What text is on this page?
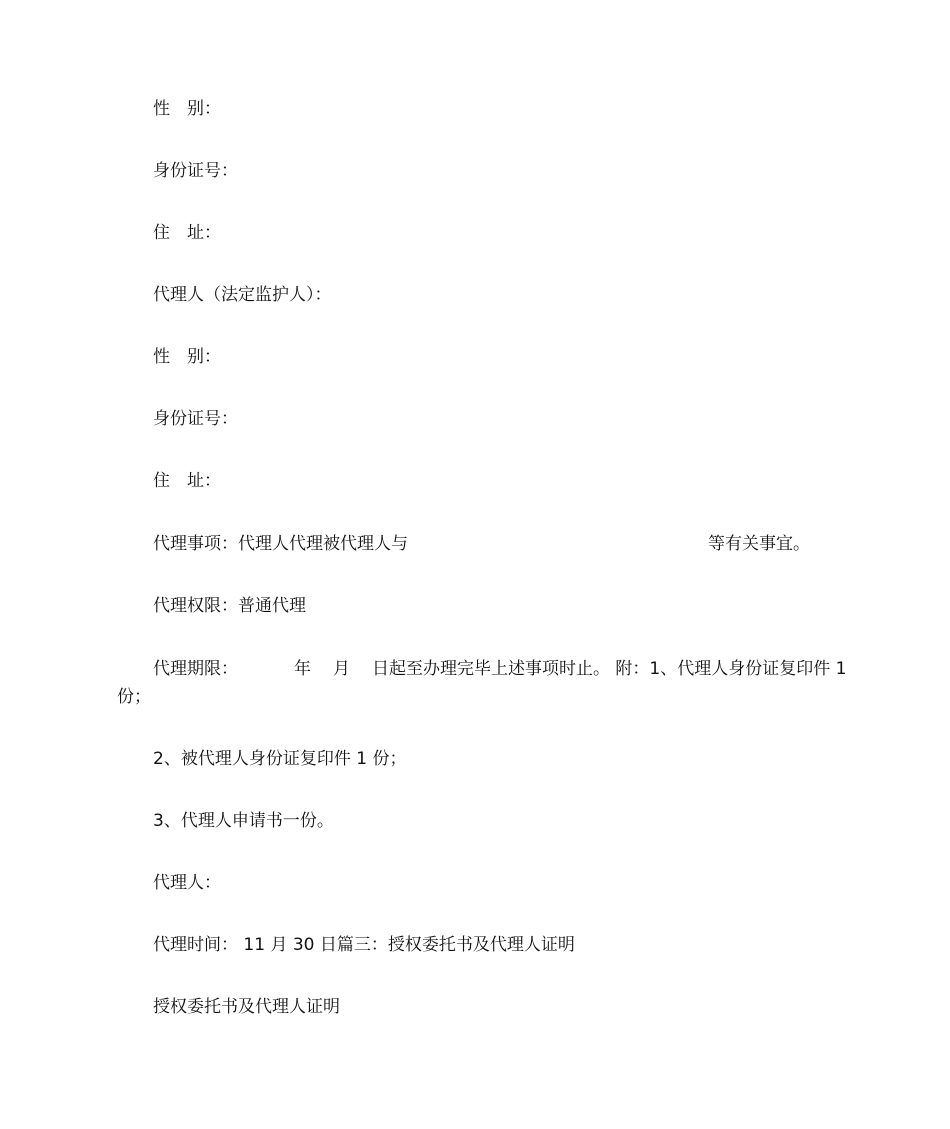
性　别：
身份证号：
住　址：
代理人（法定监护人）：
性　别：
身份证号：
住　址：
代理事项：代理人代理被代理人与	等有关事宜。
代理权限：普通代理
代理期限：	年 月 日起至办理完毕上述事项时止。 附：1、代理人身份证复印件 1 份；
2、被代理人身份证复印件 1 份；
3、代理人申请书一份。
代理人：
代理时间： 11 月 30 日篇三：授权委托书及代理人证明
授权委托书及代理人证明
